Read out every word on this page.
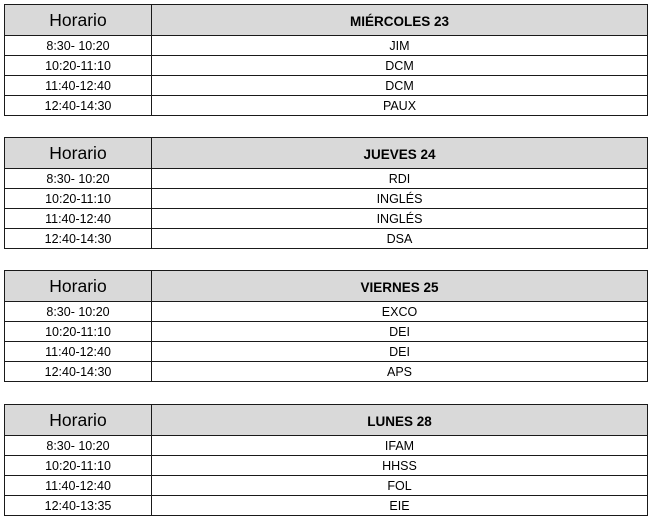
Horario	MIÉRCOLES 23
8:30- 10:20	JIM
10:20-11:10	DCM
11:40-12:40	DCM
12:40-14:30	PAUX
Horario	JUEVES 24
8:30- 10:20	RDI
10:20-11:10	INGLÉS
11:40-12:40	INGLÉS
12:40-14:30	DSA
Horario	VIERNES 25
8:30- 10:20	EXCO
10:20-11:10	DEI
11:40-12:40	DEI
12:40-14:30	APS
Horario	LUNES 28
8:30- 10:20	IFAM
10:20-11:10	HHSS
11:40-12:40	FOL
12:40-13:35	EIE
